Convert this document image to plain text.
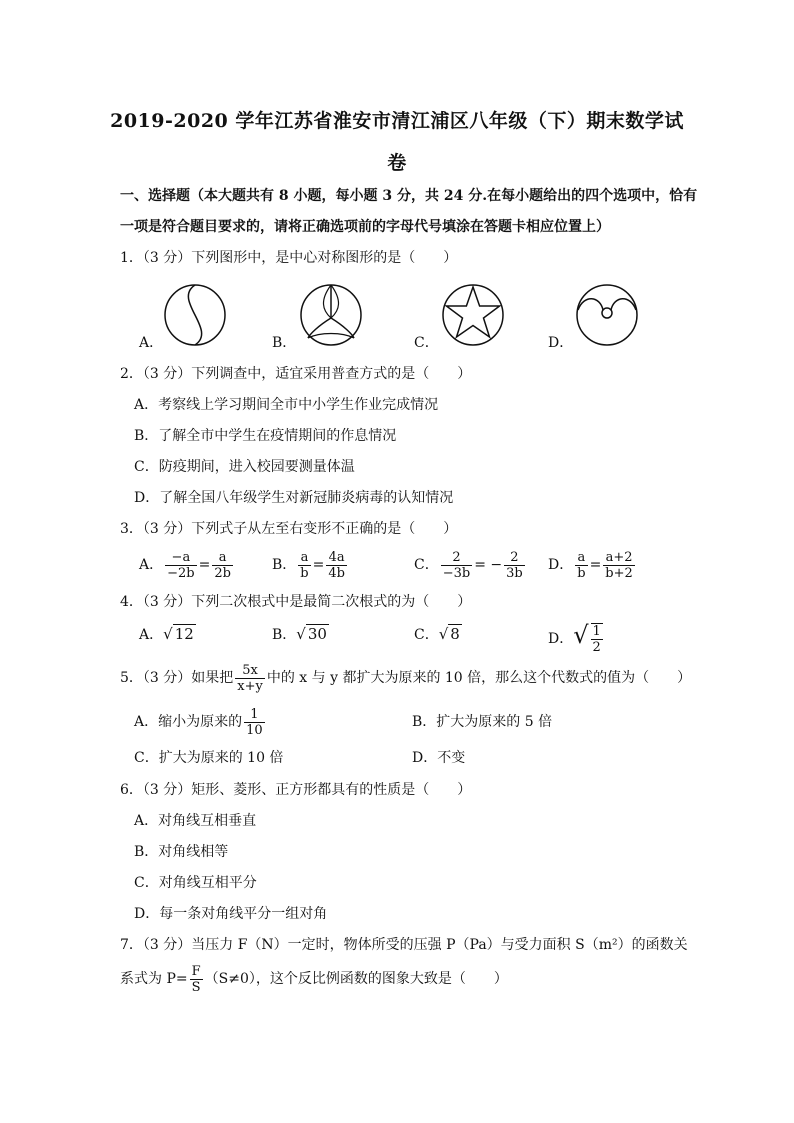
2019-2020 学年江苏省淮安市清江浦区八年级（下）期末数学试
卷
一、选择题（本大题共有 8 小题，每小题 3 分，共 24 分.在每小题给出的四个选项中，恰有
一项是符合题目要求的，请将正确选项前的字母代号填涂在答题卡相应位置上）
1．（3 分）下列图形中，是中心对称图形的是（　　）
A．	B．	C．	D．
2．（3 分）下列调查中，适宜采用普查方式的是（　　）
A．考察线上学习期间全市中小学生作业完成情况
B．了解全市中学生在疫情期间的作息情况
C．防疫期间，进入校园要测量体温
D．了解全国八年级学生对新冠肺炎病毒的认知情况
3．（3 分）下列式子从左至右变形不正确的是（　　）
A． $\frac{-a}{-2b} = \frac{a}{2b}$	B． $\frac{a}{b} = \frac{4a}{4b}$	C． $\frac{2}{-3b}$ = − $\frac{2}{3b}$ D． $\frac{a}{b} = \frac{a+2}{b+2}$
4．（3 分）下列二次根式中是最简二次根式的为（　　）
A．√ 12	B．√ 30	C．√ 8	D．√ $\frac{1}{2}$
5．（3 分）如果把 $\frac{5x}{x+y}$ 中的 x 与 y 都扩大为原来的 10 倍，那么这个代数式的值为（　　）
A．缩小为原来的 $\frac{1}{10}$	B．扩大为原来的 5 倍
C．扩大为原来的 10 倍	D．不变
6．（3 分）矩形、菱形、正方形都具有的性质是（　　）
A．对角线互相垂直
B．对角线相等
C．对角线互相平分
D．每一条对角线平分一组对角
7．（3 分）当压力 F（N）一定时，物体所受的压强 P（Pa）与受力面积 S（m²）的函数关
系式为 $P= \frac{F}{S} (S\ne 0)$，这个反比例函数的图象大致是（　　）
